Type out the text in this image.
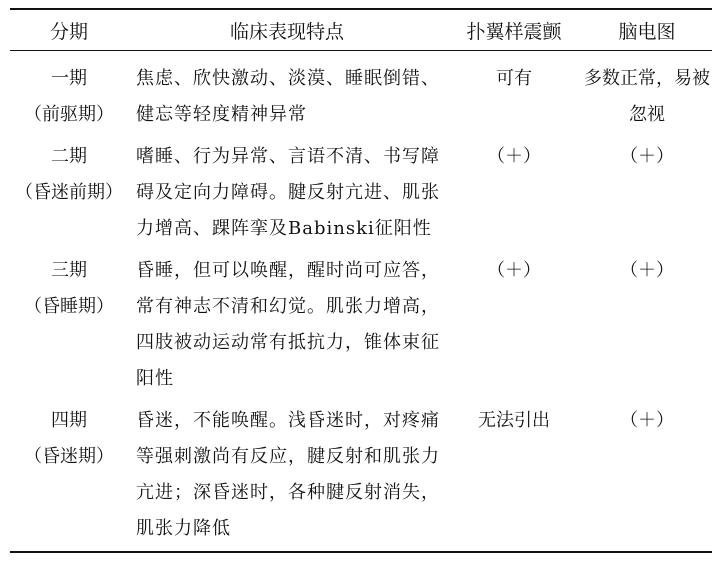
分期	临床表现特点	扑翼样震颤	脑电图

一期
（前驱期）	焦虑、欣快激动、淡漠、睡眠倒错、健忘等轻度精神异常	可有	多数正常，易被忽视

二期
（昏迷前期）	嗜睡、行为异常、言语不清、书写障碍及定向力障碍。腱反射亢进、肌张力增高、踝阵挛及Babinski征阳性	（＋）	（＋）

三期
（昏睡期）	昏睡，但可以唤醒，醒时尚可应答，常有神志不清和幻觉。肌张力增高，四肢被动运动常有抵抗力，锥体束征阳性	（＋）	（＋）

四期
（昏迷期）	昏迷，不能唤醒。浅昏迷时，对疼痛等强刺激尚有反应，腱反射和肌张力亢进；深昏迷时，各种腱反射消失，肌张力降低	无法引出	（＋）
